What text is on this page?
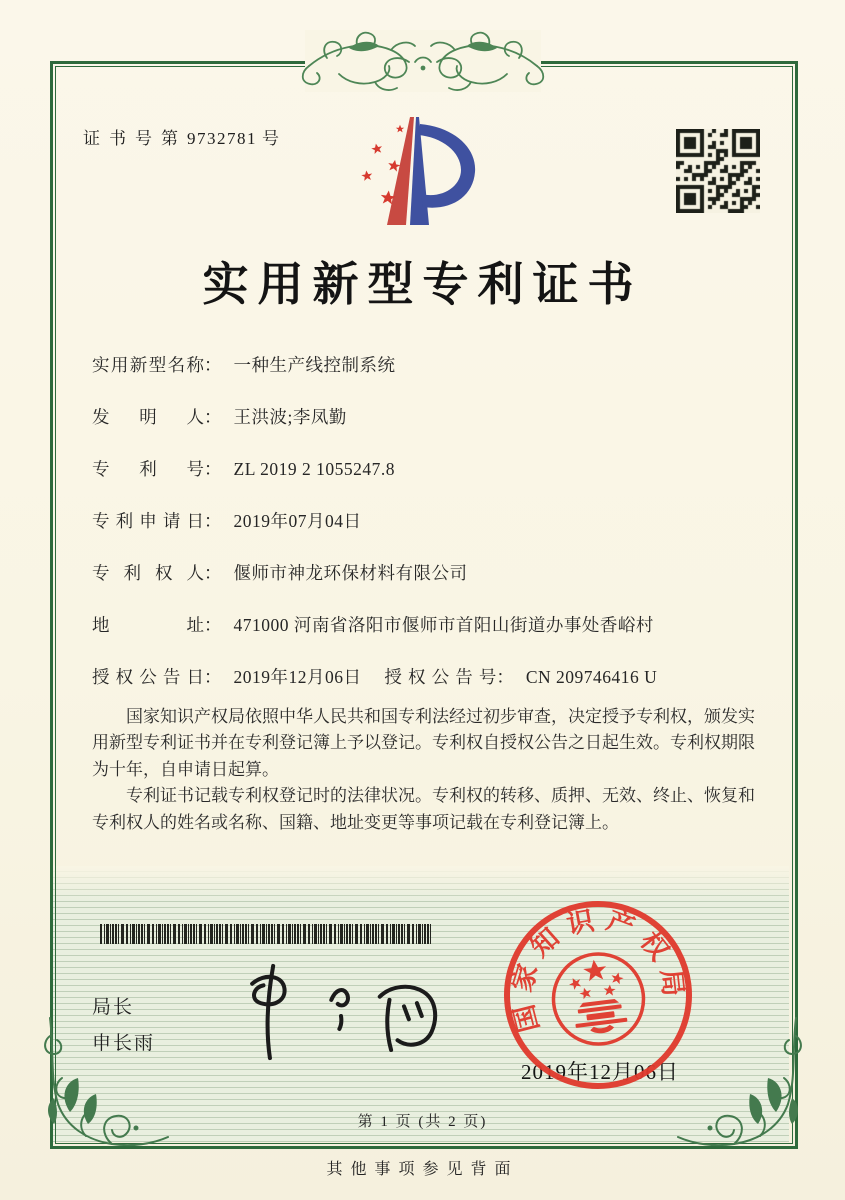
证书号第9732781 号
实用新型专利证书
实用新型名称： 一种生产线控制系统
发明人： 王洪波;李凤勤
专利号： ZL 2019 2 1055247.8
专利申请日： 2019年07月04日
专利权人： 偃师市神龙环保材料有限公司
地址： 471000 河南省洛阳市偃师市首阳山街道办事处香峪村
授权公告日： 2019年12月06日 授权公告号： CN 209746416 U

国家知识产权局依照中华人民共和国专利法经过初步审查，决定授予专利权，颁发实用新型专利证书并在专利登记簿上予以登记。专利权自授权公告之日起生效。专利权期限为十年，自申请日起算。

专利证书记载专利权登记时的法律状况。专利权的转移、质押、无效、终止、恢复和专利权人的姓名或名称、国籍、地址变更等事项记载在专利登记簿上。

局长
申长雨
国家知识产权局
2019年12月06日
第 1 页 (共 2 页)
其他事项参见背面
